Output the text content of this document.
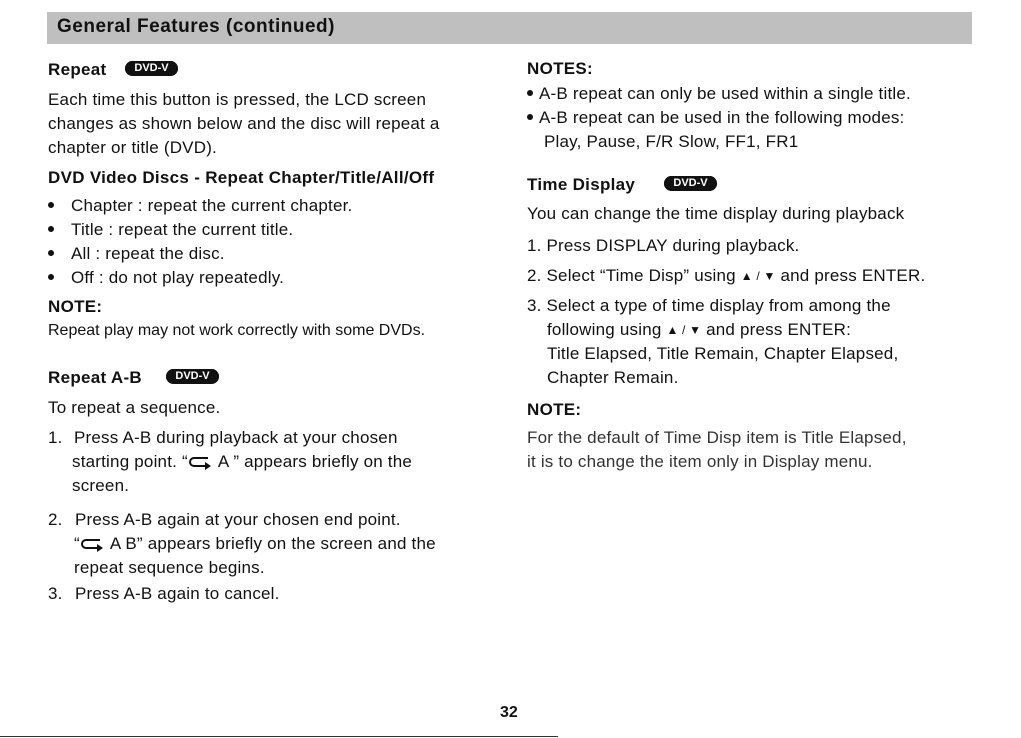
General Features (continued)
Repeat	DVD-V
Each time this button is pressed, the LCD screen
changes as shown below and the disc will repeat a
chapter or title (DVD).
DVD Video Discs - Repeat Chapter/Title/All/Off
Chapter : repeat the current chapter.
Title : repeat the current title.
All : repeat the disc.
Off : do not play repeatedly.
NOTE:
Repeat play may not work correctly with some DVDs.
Repeat A-B	DVD-V
To repeat a sequence.
1. Press A-B during playback at your chosen
starting point. “ A ” appears briefly on the
screen.
2. Press A-B again at your chosen end point.
“ A B” appears briefly on the screen and the
repeat sequence begins.
3. Press A-B again to cancel.
NOTES:
A-B repeat can only be used within a single title.
A-B repeat can be used in the following modes:
Play, Pause, F/R Slow, FF1, FR1
Time Display	DVD-V
You can change the time display during playback
1. Press DISPLAY during playback.
2. Select “Time Disp” using ▲ / ▼ and press ENTER.
3. Select a type of time display from among the
following using ▲ / ▼ and press ENTER:
Title Elapsed, Title Remain, Chapter Elapsed,
Chapter Remain.
NOTE:
For the default of Time Disp item is Title Elapsed,
it is to change the item only in Display menu.
32
